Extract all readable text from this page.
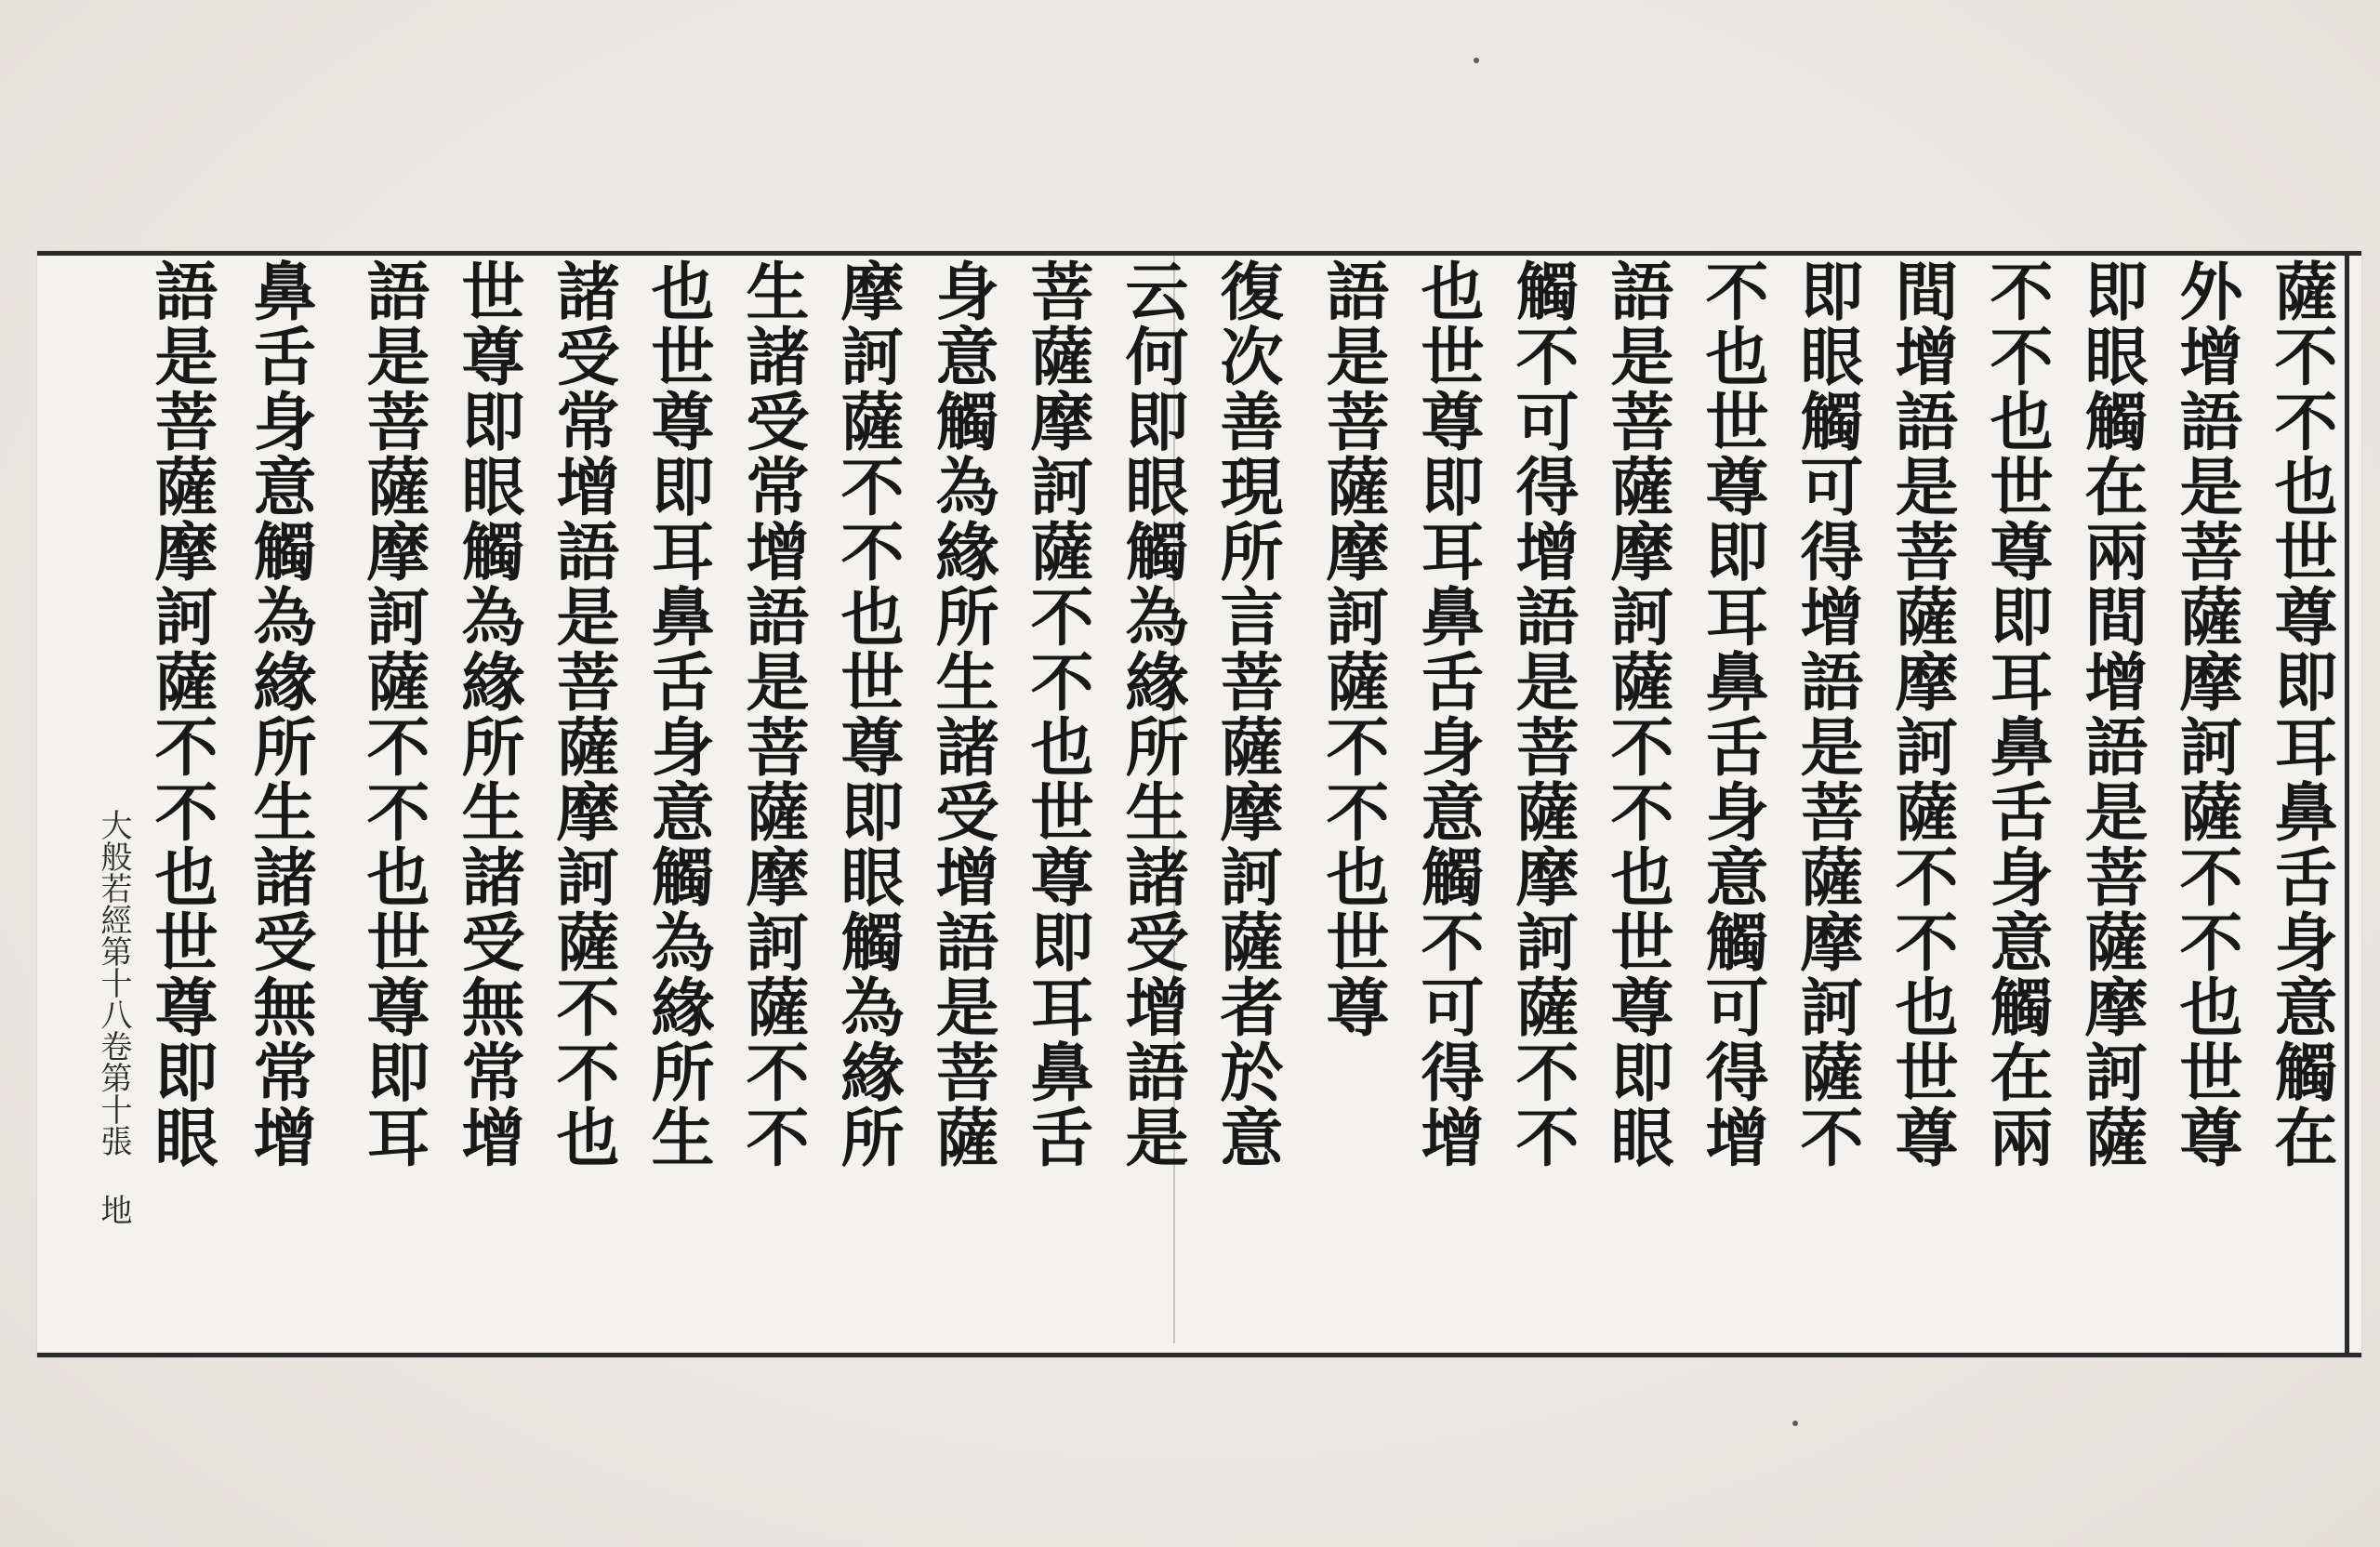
薩不不也世尊即耳鼻舌身意觸在
外增語是菩薩摩訶薩不不也世尊
即眼觸在兩間增語是菩薩摩訶薩
不不也世尊即耳鼻舌身意觸在兩
間增語是菩薩摩訶薩不不也世尊
即眼觸可得增語是菩薩摩訶薩不
不也世尊即耳鼻舌身意觸可得增
語是菩薩摩訶薩不不也世尊即眼
觸不可得增語是菩薩摩訶薩不不
也世尊即耳鼻舌身意觸不可得增
語是菩薩摩訶薩不不也世尊
復次善現所言菩薩摩訶薩者於意
云何即眼觸為緣所生諸受增語是
菩薩摩訶薩不不也世尊即耳鼻舌
身意觸為緣所生諸受增語是菩薩
摩訶薩不不也世尊即眼觸為緣所
生諸受常增語是菩薩摩訶薩不不
也世尊即耳鼻舌身意觸為緣所生
諸受常增語是菩薩摩訶薩不不也
世尊即眼觸為緣所生諸受無常增
語是菩薩摩訶薩不不也世尊即耳
鼻舌身意觸為緣所生諸受無常增
語是菩薩摩訶薩不不也世尊即眼
大般若經第十八卷第十張 地
